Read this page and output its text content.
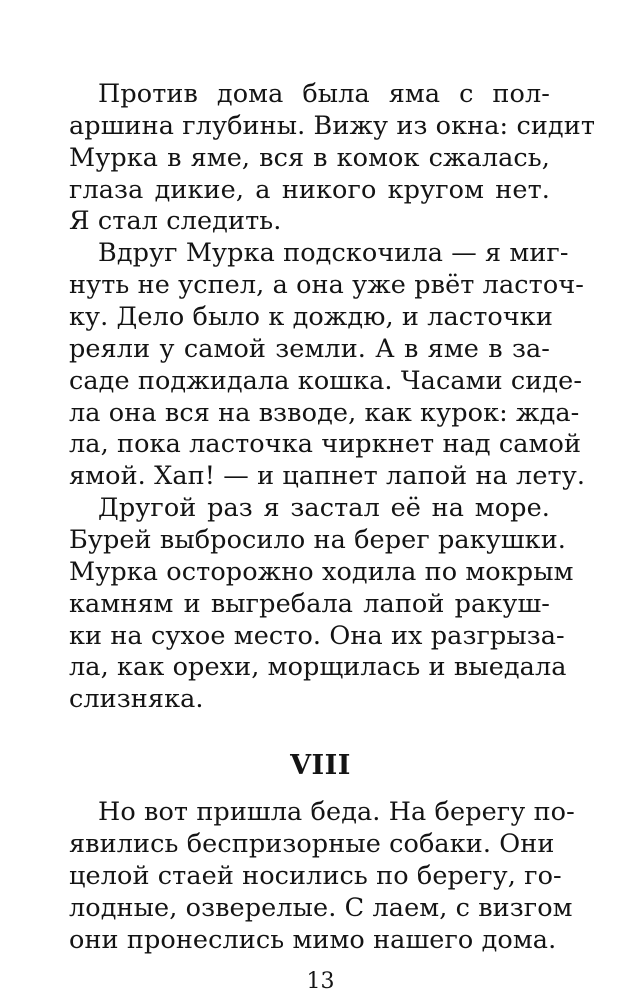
Против дома была яма с пол-
аршина глубины. Вижу из окна: сидит
Мурка в яме, вся в комок сжалась,
глаза дикие, а никого кругом нет.
Я стал следить.
Вдруг Мурка подскочила — я миг-
нуть не успел, а она уже рвёт ласточ-
ку. Дело было к дождю, и ласточки
реяли у самой земли. А в яме в за-
саде поджидала кошка. Часами сиде-
ла она вся на взводе, как курок: жда-
ла, пока ласточка чиркнет над самой
ямой. Хап! — и цапнет лапой на лету.
Другой раз я застал её на море.
Бурей выбросило на берег ракушки.
Мурка осторожно ходила по мокрым
камням и выгребала лапой ракуш-
ки на сухое место. Она их разгрыза-
ла, как орехи, морщилась и выедала
слизняка.
VIII
Но вот пришла беда. На берегу по-
явились беспризорные собаки. Они
целой стаей носились по берегу, го-
лодные, озверелые. С лаем, с визгом
они пронеслись мимо нашего дома.
13
